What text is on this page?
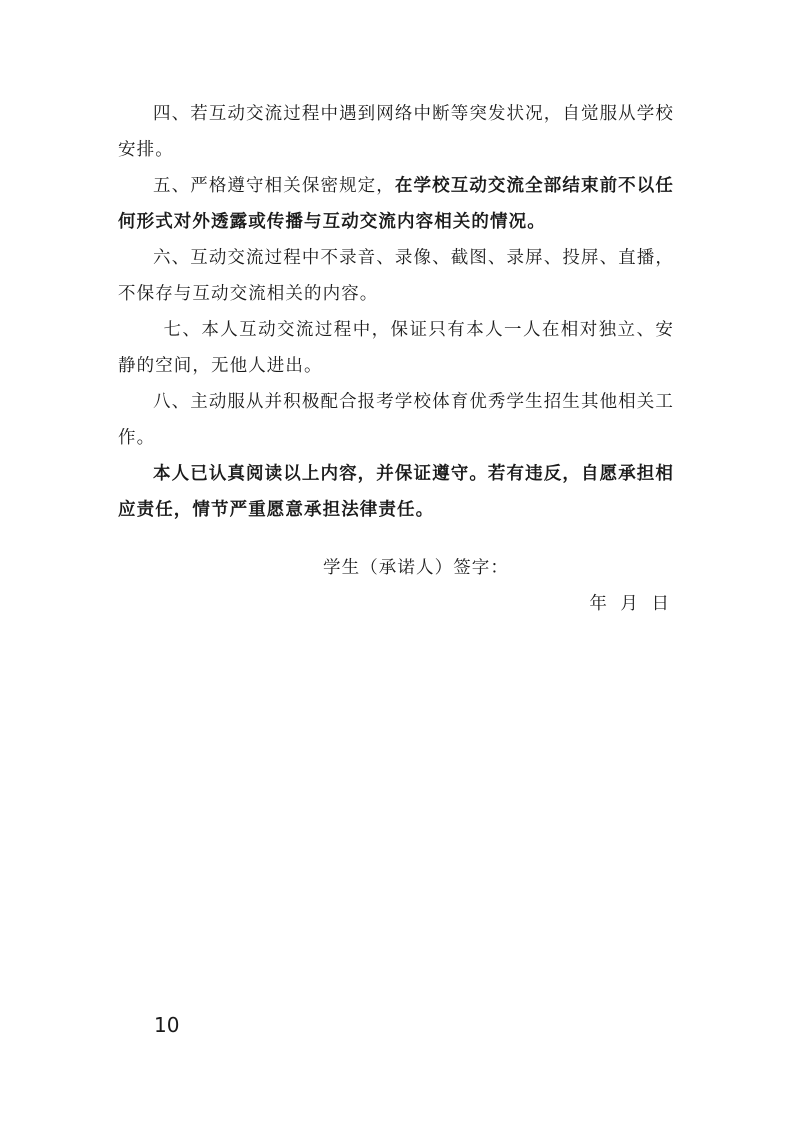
四、若互动交流过程中遇到网络中断等突发状况，自觉服从学校安排。

五、严格遵守相关保密规定，在学校互动交流全部结束前不以任何形式对外透露或传播与互动交流内容相关的情况。

六、互动交流过程中不录音、录像、截图、录屏、投屏、直播，不保存与互动交流相关的内容。

七、本人互动交流过程中，保证只有本人一人在相对独立、安静的空间，无他人进出。

八、主动服从并积极配合报考学校体育优秀学生招生其他相关工作。

本人已认真阅读以上内容，并保证遵守。若有违反，自愿承担相应责任，情节严重愿意承担法律责任。

学生（承诺人）签字：
年 月 日
10
